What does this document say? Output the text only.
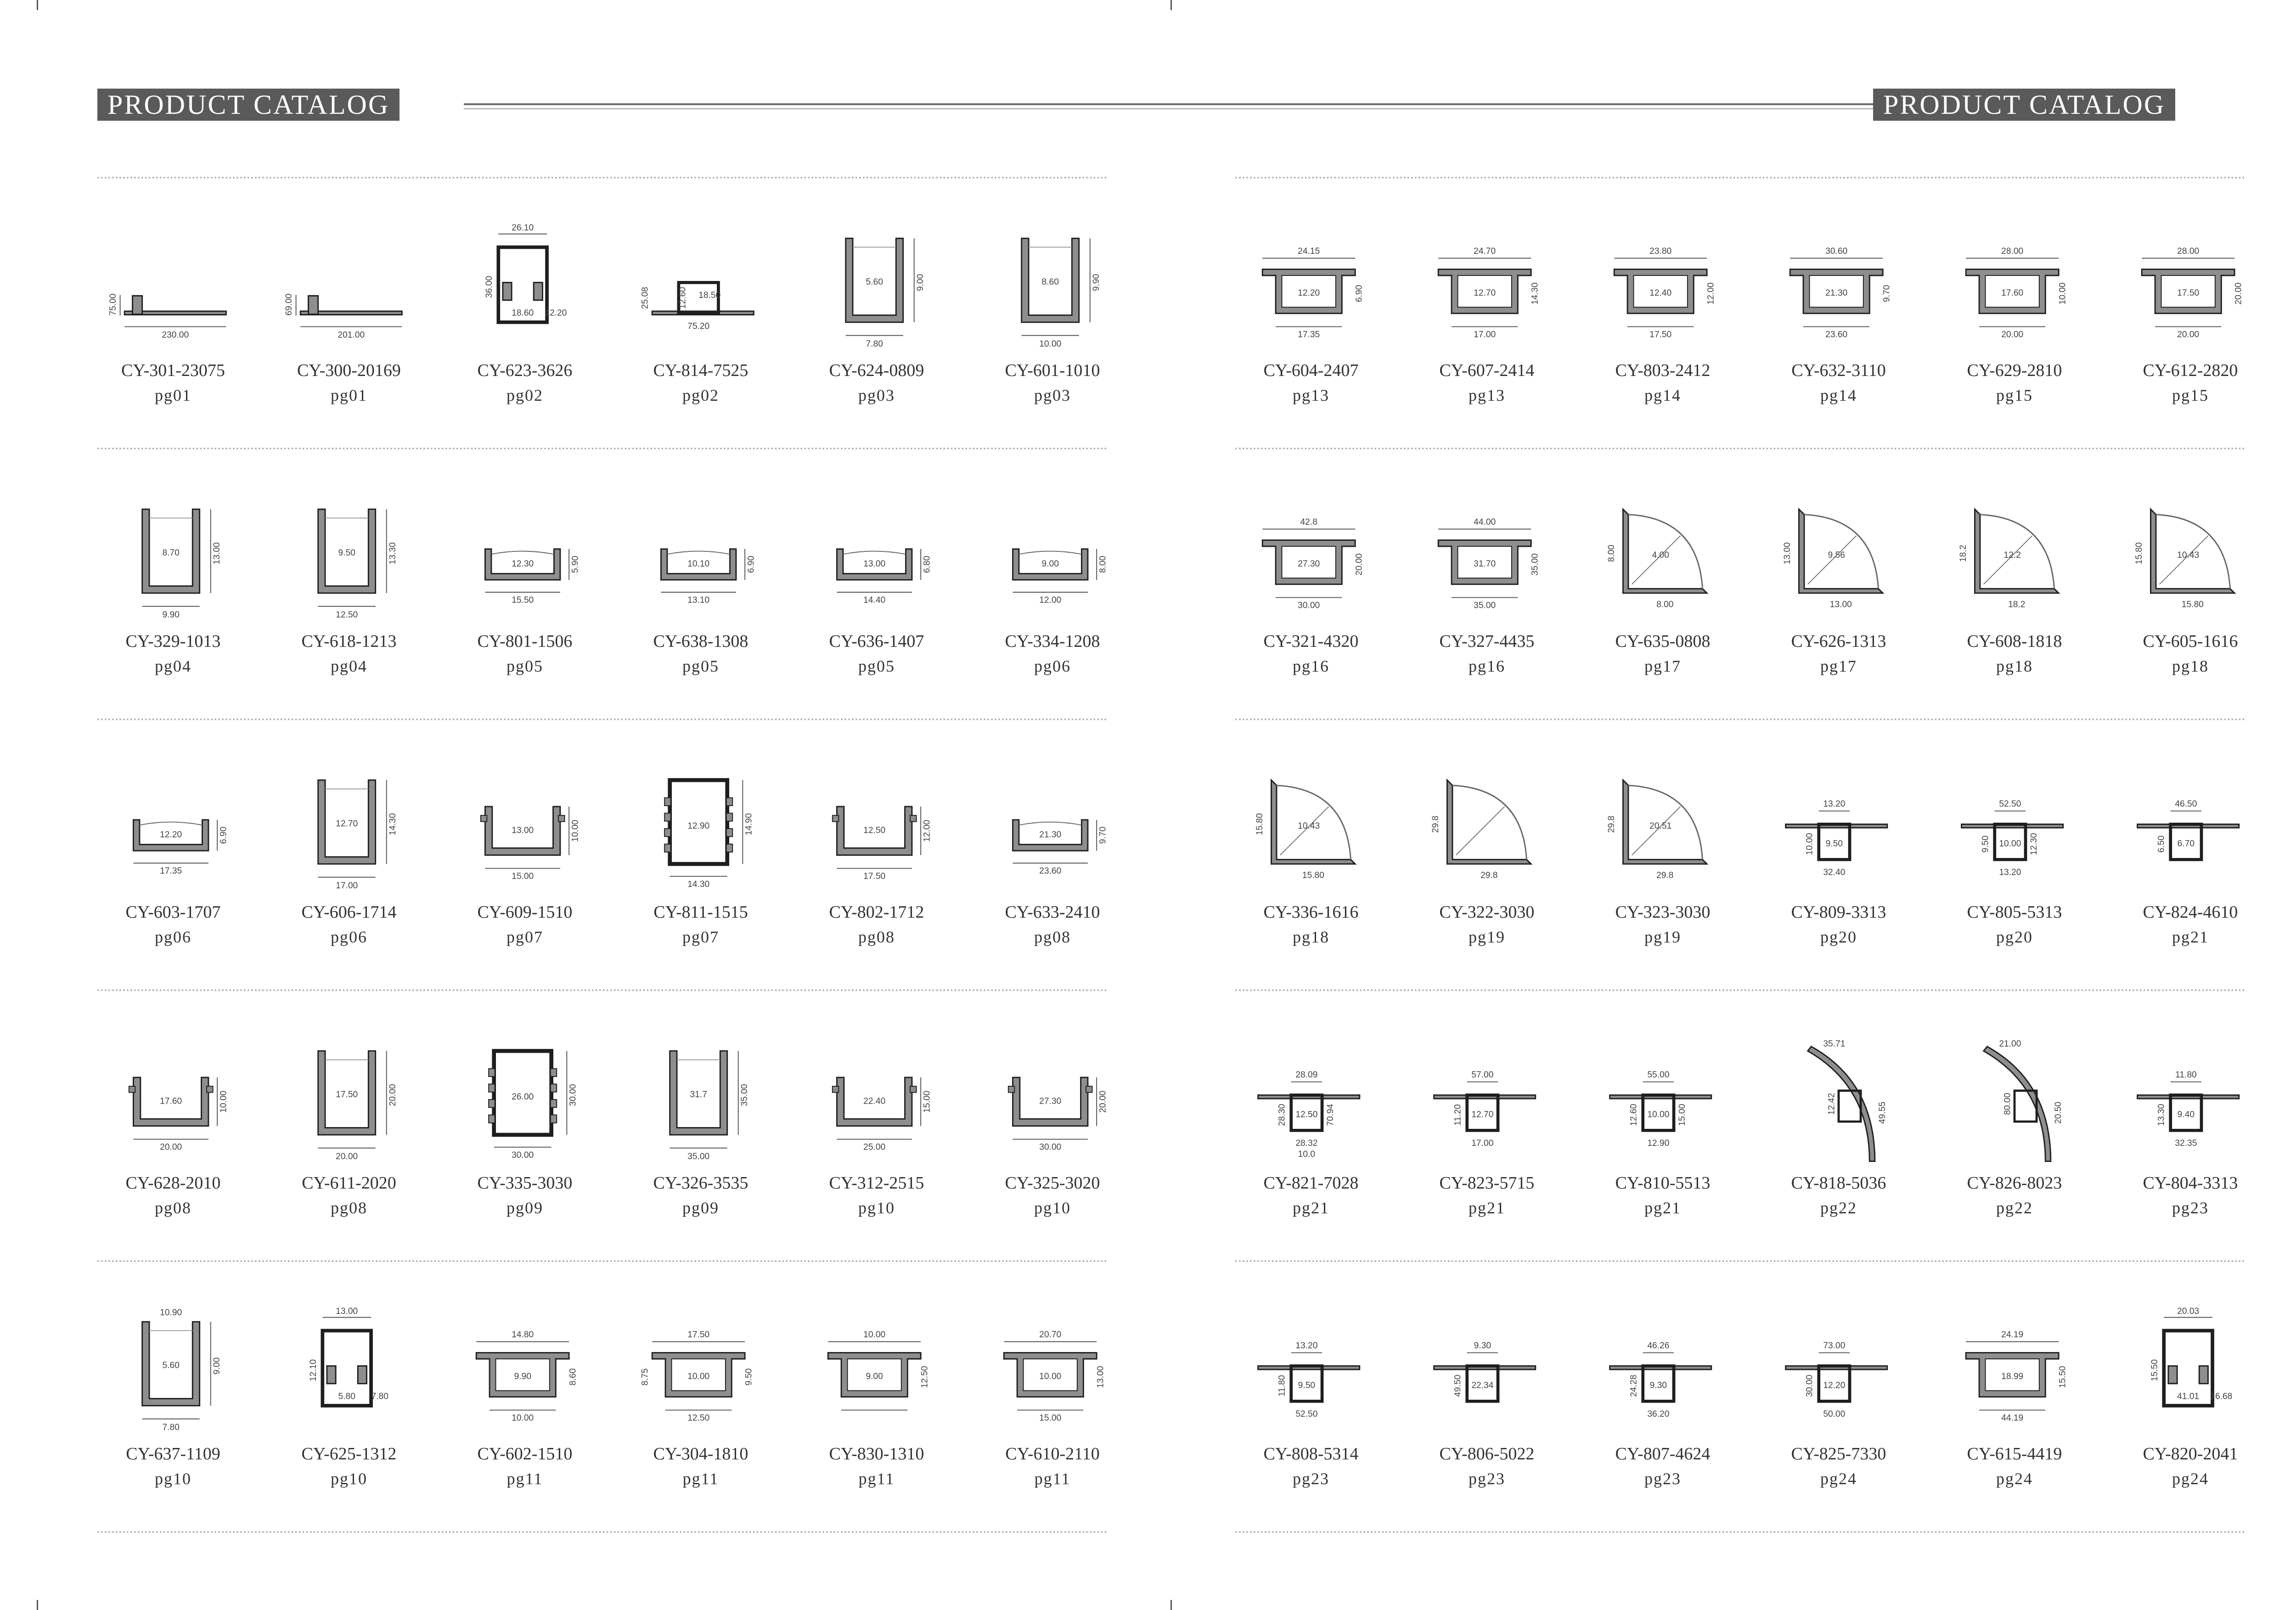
PRODUCT CATALOG	PRODUCT CATALOG
75.00
230.00
CY-301-23075
pg01
69.00
201.00
CY-300-20169
pg01
26.10
36.00
18.60 12.20
CY-623-3626
pg02
25.08	18.50
12.60
75.20
CY-814-7525
pg02
5.60	9.00
7.80
CY-624-0809
pg03
8.60	9.90
10.00
CY-601-1010
pg03
8.70	13.00
9.90
CY-329-1013
pg04
9.50	13.30
12.50
CY-618-1213
pg04
12.30	5.90
15.50
CY-801-1506
pg05
10.10	6.90
13.10
CY-638-1308
pg05
13.00	6.80
14.40
CY-636-1407
pg05
9.00	8.00
12.00
CY-334-1208
pg06
12.20	6.90
17.35
CY-603-1707
pg06
12.70	14.30
17.00
CY-606-1714
pg06
13.00	10.00
15.00
CY-609-1510
pg07
12.90	14.90
14.30
CY-811-1515
pg07
12.50	12.00
17.50
CY-802-1712
pg08
21.30	9.70
23.60
CY-633-2410
pg08
17.60	10.00
20.00
CY-628-2010
pg08
17.50	20.00
20.00
CY-611-2020
pg08
26.00	30.00
30.00
CY-335-3030
pg09
31.7	35.00
35.00
CY-326-3535
pg09
22.40	15.00
25.00
CY-312-2515
pg10
27.30	20.00
30.00
CY-325-3020
pg10
5.60	9.00
7.80
10.90
CY-637-1109
pg10
13.00
12.10
5.80 7.80
CY-625-1312
pg10
14.80
9.90	8.60
10.00
CY-602-1510
pg11
17.50
10.00	9.50
12.50
8.75
CY-304-1810
pg11
10.00
9.00	12.50
CY-830-1310
pg11
20.70
10.00	13.00
15.00
CY-610-2110
pg11
24.15
12.20	6.90
17.35
CY-604-2407
pg13
24.70
12.70	14.30
17.00
CY-607-2414
pg13
23.80
12.40	12.00
17.50
CY-803-2412
pg14
30.60
21.30	9.70
23.60
CY-632-3110
pg14
28.00
17.60	10.00
20.00
CY-629-2810
pg15
28.00
17.50	20.00
20.00
CY-612-2820
pg15
42.8
27.30	20.00
30.00
CY-321-4320
pg16
44.00
31.70	35.00
35.00
CY-327-4435
pg16
8.00	4.00
8.00
CY-635-0808
pg17
13.00	9.56
13.00
CY-626-1313
pg17
18.2	12.2
18.2
CY-608-1818
pg18
15.80	10.43
15.80
CY-605-1616
pg18
15.80	10.43
15.80
CY-336-1616
pg18
29.8
29.8
CY-322-3030
pg19
29.8	20.51
29.8
CY-323-3030
pg19
13.20
9.50
10.00
32.40
CY-809-3313
pg20
52.50
10.00
9.50
13.20
12.30
CY-805-5313
pg20
46.50
6.70
6.50
CY-824-4610
pg21
28.09
12.50
28.30
28.32
70.94
10.0
CY-821-7028
pg21
57.00
12.70
11.20
17.00
CY-823-5715
pg21
55.00
10.00
12.60
12.90
15.00
CY-810-5513
pg21
35.71
12.42	49.55
CY-818-5036
pg22
21.00
80.00	20.50
CY-826-8023
pg22
11.80
9.40
13.30
32.35
CY-804-3313
pg23
13.20
9.50
11.80
52.50
CY-808-5314
pg23
9.30
22.34
49.50
CY-806-5022
pg23
46.26
9.30
24.28
36.20
CY-807-4624
pg23
73.00
12.20
30.00
50.00
CY-825-7330
pg24
24.19
18.99	15.50
44.19
CY-615-4419
pg24
20.03
15.50
41.01 16.68
CY-820-2041
pg24
